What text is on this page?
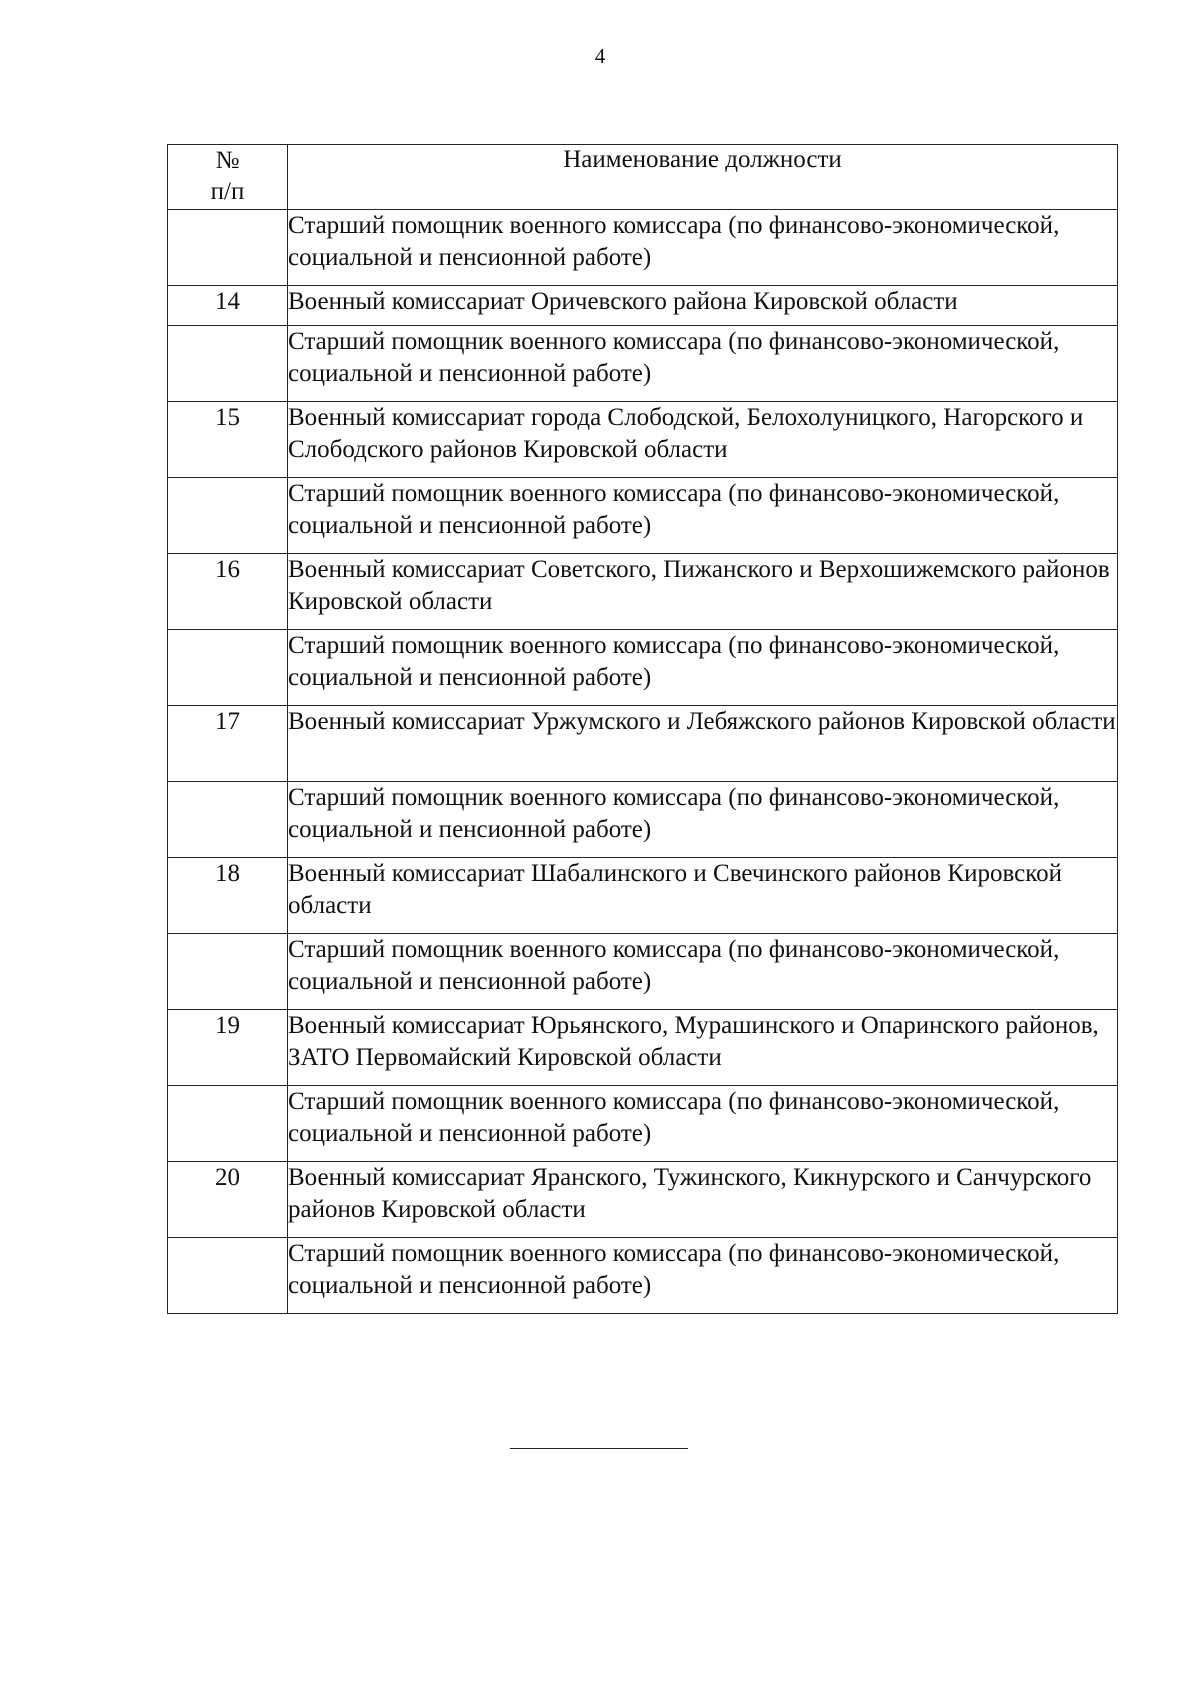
4
№
п/п	Наименование должности
	Старший помощник военного комиссара (по финансово-экономической, социальной и пенсионной работе)
14	Военный комиссариат Оричевского района Кировской области
	Старший помощник военного комиссара (по финансово-экономической, социальной и пенсионной работе)
15	Военный комиссариат города Слободской, Белохолуницкого, Нагорского и Слободского районов Кировской области
	Старший помощник военного комиссара (по финансово-экономической, социальной и пенсионной работе)
16	Военный комиссариат Советского, Пижанского и Верхошижемского районов Кировской области
	Старший помощник военного комиссара (по финансово-экономической, социальной и пенсионной работе)
17	Военный комиссариат Уржумского и Лебяжского районов Кировской области
	Старший помощник военного комиссара (по финансово-экономической, социальной и пенсионной работе)
18	Военный комиссариат Шабалинского и Свечинского районов Кировской области
	Старший помощник военного комиссара (по финансово-экономической, социальной и пенсионной работе)
19	Военный комиссариат Юрьянского, Мурашинского и Опаринского районов, ЗАТО Первомайский Кировской области
	Старший помощник военного комиссара (по финансово-экономической, социальной и пенсионной работе)
20	Военный комиссариат Яранского, Тужинского, Кикнурского и Санчурского районов Кировской области
	Старший помощник военного комиссара (по финансово-экономической, социальной и пенсионной работе)
